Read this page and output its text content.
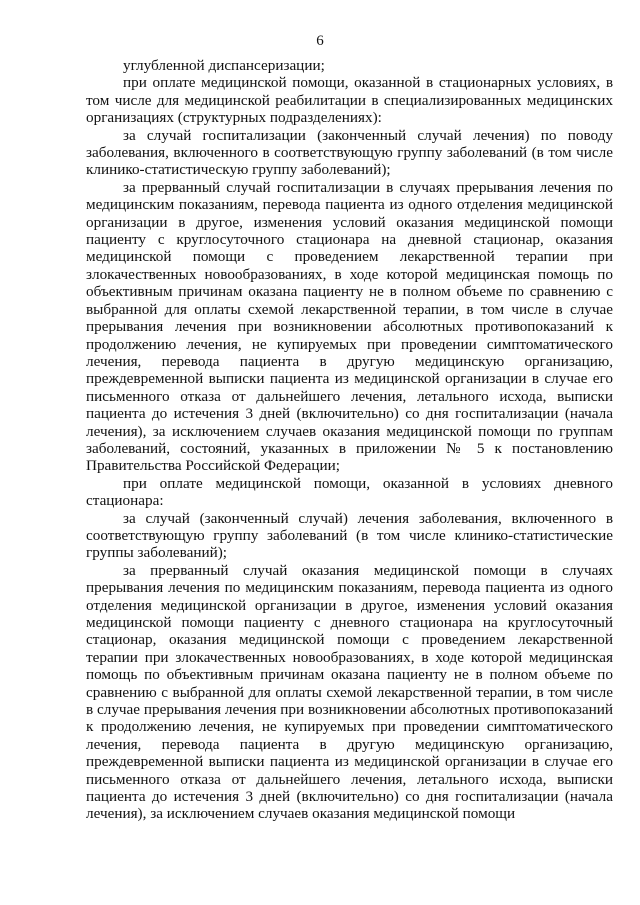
6

углубленной диспансеризации;

при оплате медицинской помощи, оказанной в стационарных условиях, в том числе для медицинской реабилитации в специализированных медицинских организациях (структурных подразделениях):

за случай госпитализации (законченный случай лечения) по поводу заболевания, включенного в соответствующую группу заболеваний (в том числе клинико-статистическую группу заболеваний);

за прерванный случай госпитализации в случаях прерывания лечения по медицинским показаниям, перевода пациента из одного отделения медицинской организации в другое, изменения условий оказания медицинской помощи пациенту с круглосуточного стационара на дневной стационар, оказания медицинской помощи с проведением лекарственной терапии при злокачественных новообразованиях, в ходе которой медицинская помощь по объективным причинам оказана пациенту не в полном объеме по сравнению с выбранной для оплаты схемой лекарственной терапии, в том числе в случае прерывания лечения при возникновении абсолютных противопоказаний к продолжению лечения, не купируемых при проведении симптоматического лечения, перевода пациента в другую медицинскую организацию, преждевременной выписки пациента из медицинской организации в случае его письменного отказа от дальнейшего лечения, летального исхода, выписки пациента до истечения 3 дней (включительно) со дня госпитализации (начала лечения), за исключением случаев оказания медицинской помощи по группам заболеваний, состояний, указанных в приложении № 5 к постановлению Правительства Российской Федерации;

при оплате медицинской помощи, оказанной в условиях дневного стационара:

за случай (законченный случай) лечения заболевания, включенного в соответствующую группу заболеваний (в том числе клинико-статистические группы заболеваний);

за прерванный случай оказания медицинской помощи в случаях прерывания лечения по медицинским показаниям, перевода пациента из одного отделения медицинской организации в другое, изменения условий оказания медицинской помощи пациенту с дневного стационара на круглосуточный стационар, оказания медицинской помощи с проведением лекарственной терапии при злокачественных новообразованиях, в ходе которой медицинская помощь по объективным причинам оказана пациенту не в полном объеме по сравнению с выбранной для оплаты схемой лекарственной терапии, в том числе в случае прерывания лечения при возникновении абсолютных противопоказаний к продолжению лечения, не купируемых при проведении симптоматического лечения, перевода пациента в другую медицинскую организацию, преждевременной выписки пациента из медицинской организации в случае его письменного отказа от дальнейшего лечения, летального исхода, выписки пациента до истечения 3 дней (включительно) со дня госпитализации (начала лечения), за исключением случаев оказания медицинской помощи
